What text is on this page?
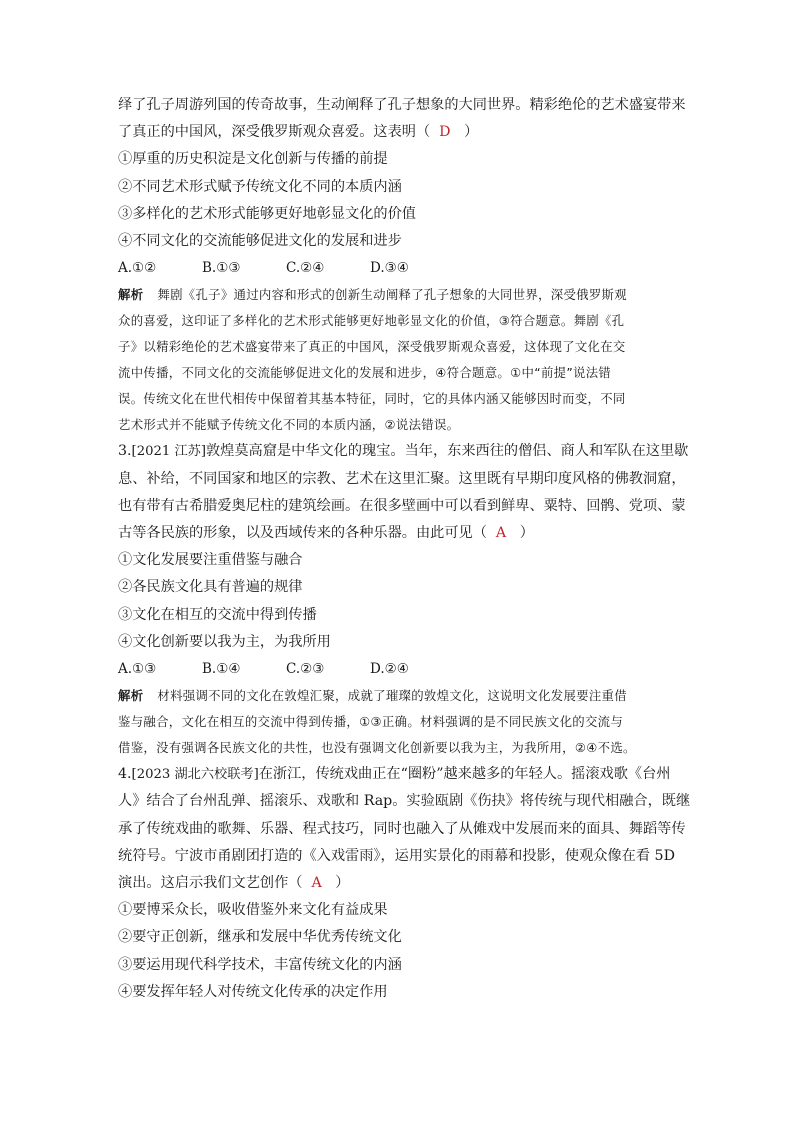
绎了孔子周游列国的传奇故事，生动阐释了孔子想象的大同世界。精彩绝伦的艺术盛宴带来
了真正的中国风，深受俄罗斯观众喜爱。这表明（ D ）
①厚重的历史积淀是文化创新与传播的前提
②不同艺术形式赋予传统文化不同的本质内涵
③多样化的艺术形式能够更好地彰显文化的价值
④不同文化的交流能够促进文化的发展和进步
A.①②	B.①③	C.②④	D.③④
解析 舞剧《孔子》通过内容和形式的创新生动阐释了孔子想象的大同世界，深受俄罗斯观
众的喜爱，这印证了多样化的艺术形式能够更好地彰显文化的价值，③符合题意。舞剧《孔
子》以精彩绝伦的艺术盛宴带来了真正的中国风，深受俄罗斯观众喜爱，这体现了文化在交
流中传播，不同文化的交流能够促进文化的发展和进步，④符合题意。①中“前提”说法错
误。传统文化在世代相传中保留着其基本特征，同时，它的具体内涵又能够因时而变，不同
艺术形式并不能赋予传统文化不同的本质内涵，②说法错误。
3.[2021 江苏]敦煌莫高窟是中华文化的瑰宝。当年，东来西往的僧侣、商人和军队在这里歇
息、补给，不同国家和地区的宗教、艺术在这里汇聚。这里既有早期印度风格的佛教洞窟，
也有带有古希腊爱奥尼柱的建筑绘画。在很多壁画中可以看到鲜卑、粟特、回鹘、党项、蒙
古等各民族的形象，以及西域传来的各种乐器。由此可见（ A ）
①文化发展要注重借鉴与融合
②各民族文化具有普遍的规律
③文化在相互的交流中得到传播
④文化创新要以我为主，为我所用
A.①③	B.①④	C.②③	D.②④
解析 材料强调不同的文化在敦煌汇聚，成就了璀璨的敦煌文化，这说明文化发展要注重借
鉴与融合，文化在相互的交流中得到传播，①③正确。材料强调的是不同民族文化的交流与
借鉴，没有强调各民族文化的共性，也没有强调文化创新要以我为主，为我所用，②④不选。
4.[2023 湖北六校联考]在浙江，传统戏曲正在“圈粉”越来越多的年轻人。摇滚戏歌《台州
人》结合了台州乱弹、摇滚乐、戏歌和 Rap。实验瓯剧《伤抉》将传统与现代相融合，既继
承了传统戏曲的歌舞、乐器、程式技巧，同时也融入了从傩戏中发展而来的面具、舞蹈等传
统符号。宁波市甬剧团打造的《入戏雷雨》，运用实景化的雨幕和投影，使观众像在看 5D
演出。这启示我们文艺创作（ A ）
①要博采众长，吸收借鉴外来文化有益成果
②要守正创新，继承和发展中华优秀传统文化
③要运用现代科学技术，丰富传统文化的内涵
④要发挥年轻人对传统文化传承的决定作用
